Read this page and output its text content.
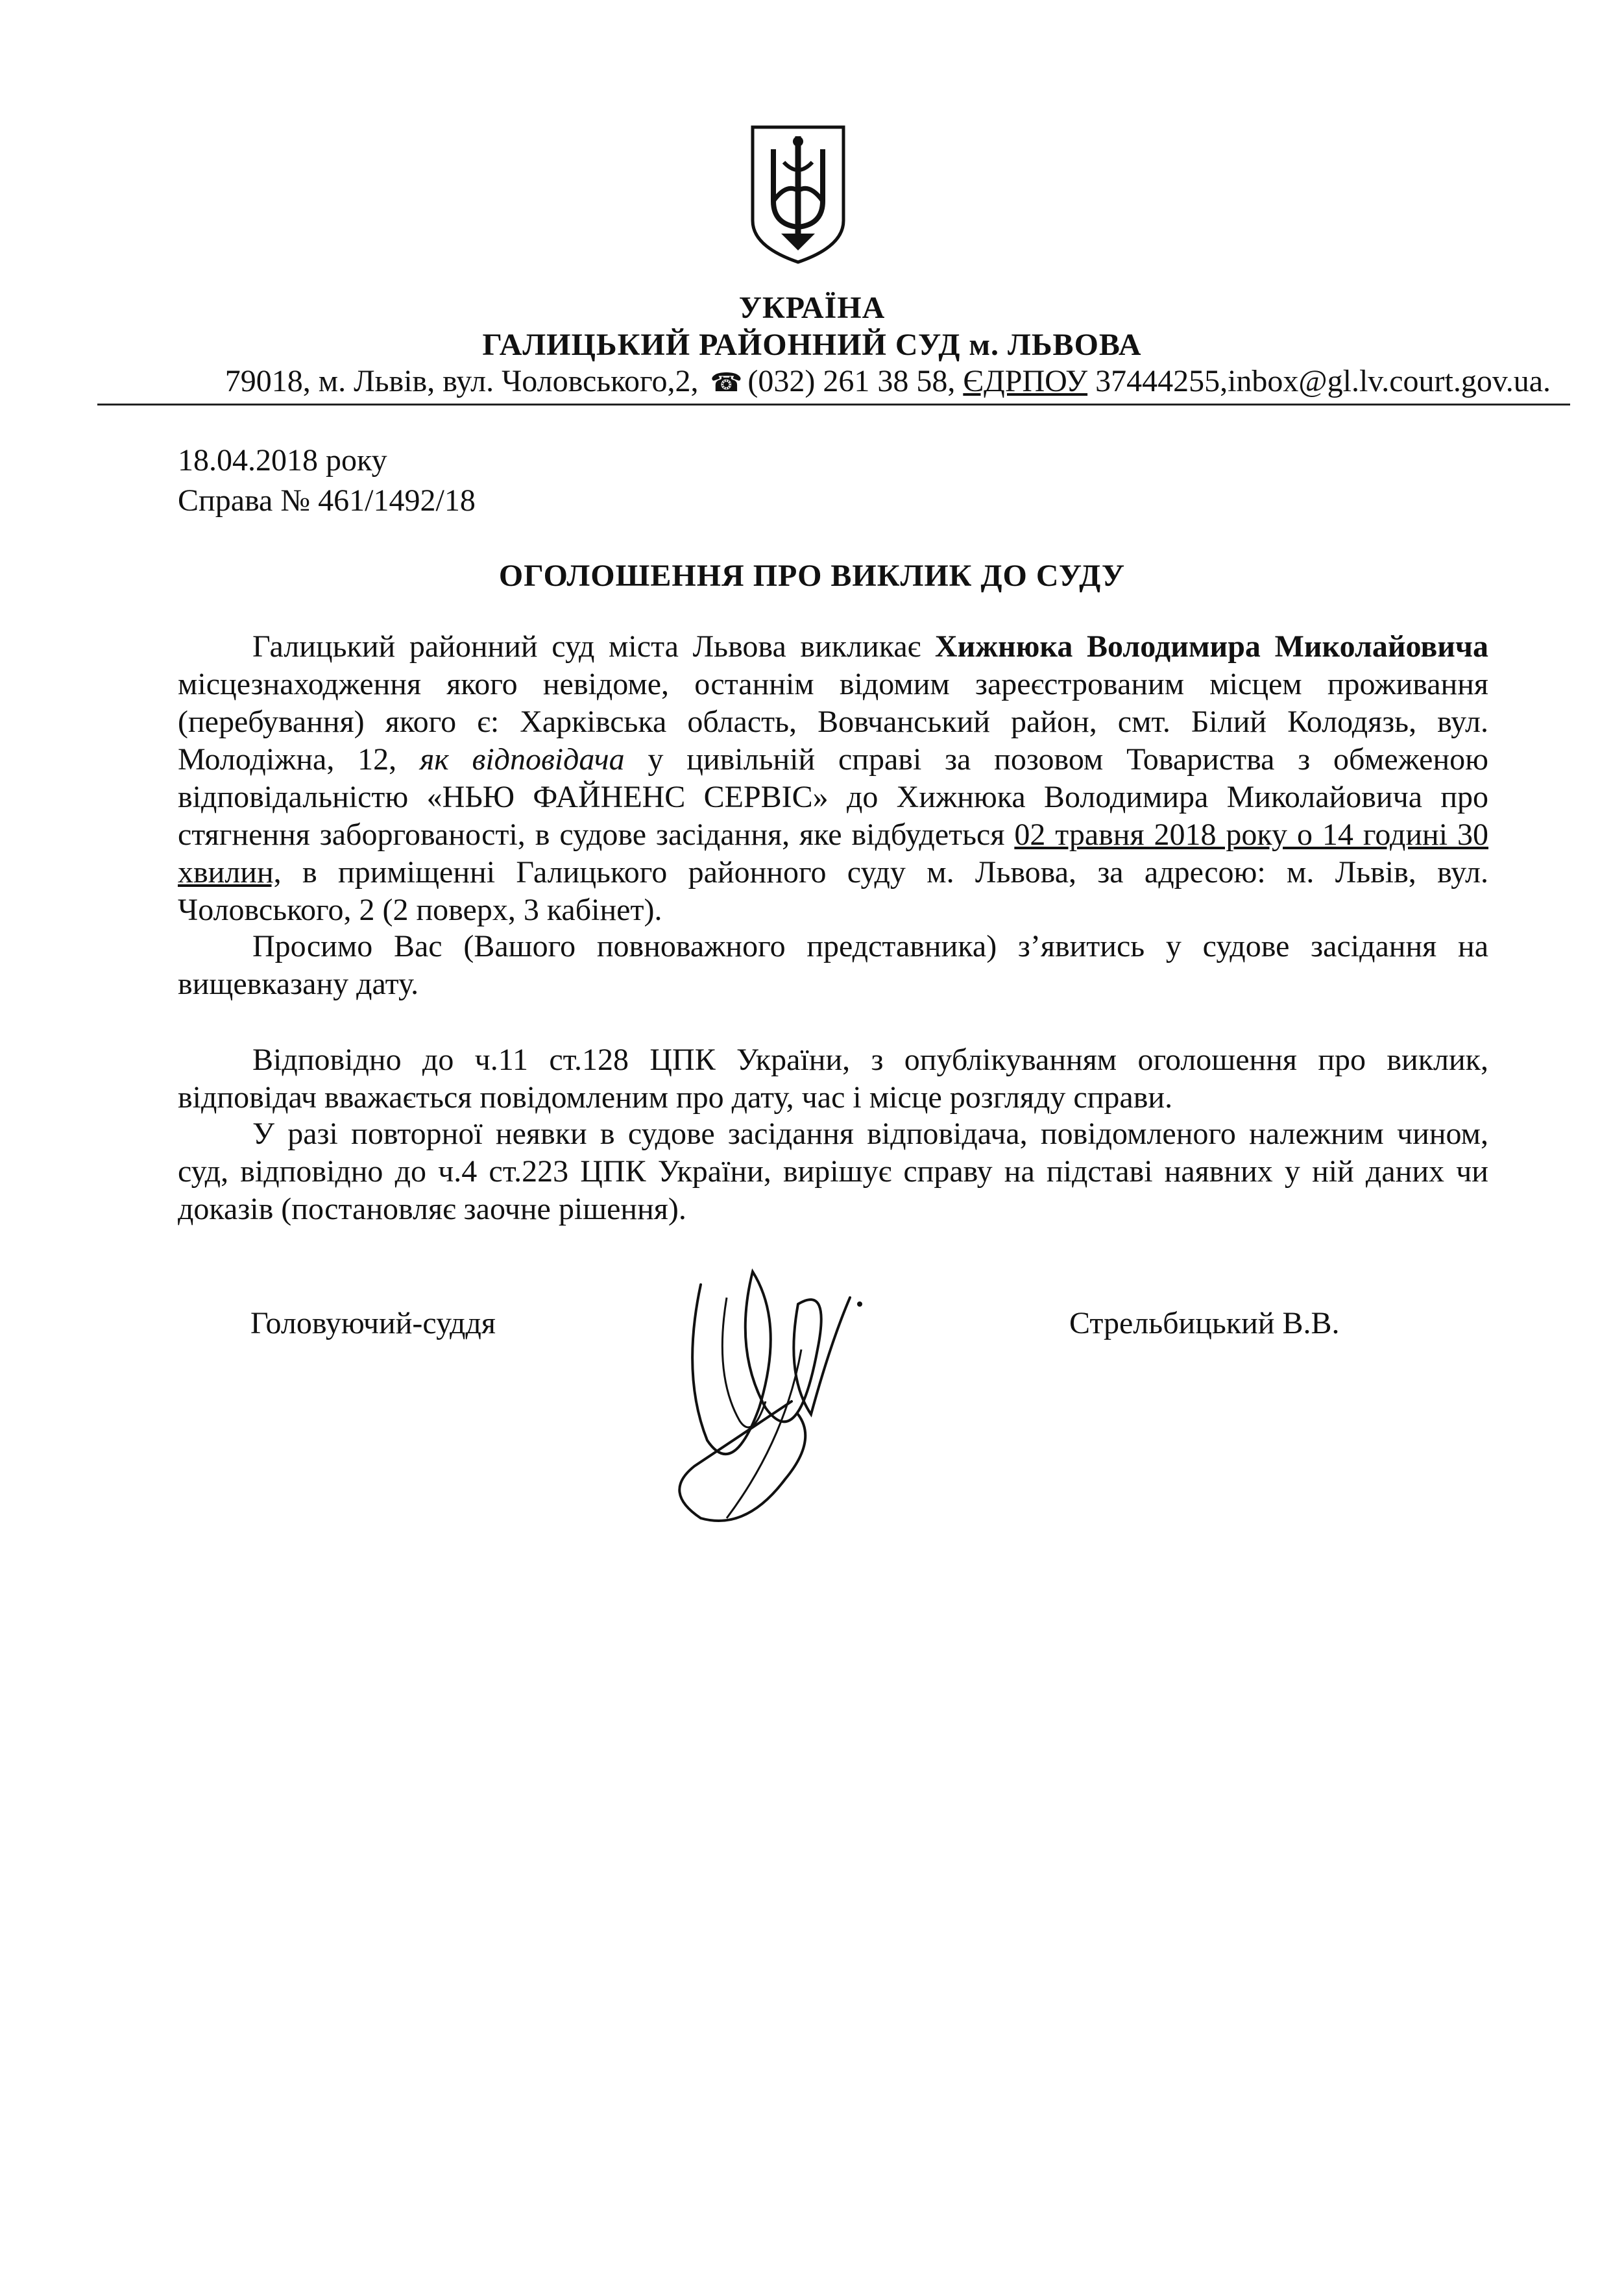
УКРАЇНА
ГАЛИЦЬКИЙ РАЙОННИЙ СУД м. ЛЬВОВА
79018, м. Львів, вул. Чоловського,2, ☎ (032) 261 38 58, ЄДРПОУ 37444255,inbox@gl.lv.court.gov.ua.
18.04.2018 року
Справа № 461/1492/18
ОГОЛОШЕННЯ ПРО ВИКЛИК ДО СУДУ
Галицький районний суд міста Львова викликає Хижнюка Володимира Миколайовича місцезнаходження якого невідоме, останнім відомим зареєстрованим місцем проживання (перебування) якого є: Харківська область, Вовчанський район, смт. Білий Колодязь, вул. Молодіжна, 12, як відповідача у цивільній справі за позовом Товариства з обмеженою відповідальністю «НЬЮ ФАЙНЕНС СЕРВІС» до Хижнюка Володимира Миколайовича про стягнення заборгованості, в судове засідання, яке відбудеться 02 травня 2018 року о 14 годині 30 хвилин, в приміщенні Галицького районного суду м. Львова, за адресою: м. Львів, вул. Чоловського, 2 (2 поверх, 3 кабінет).
Просимо Вас (Вашого повноважного представника) з’явитись у судове засідання на вищевказану дату.
Відповідно до ч.11 ст.128 ЦПК України, з опублікуванням оголошення про виклик, відповідач вважається повідомленим про дату, час і місце розгляду справи.
У разі повторної неявки в судове засідання відповідача, повідомленого належним чином, суд, відповідно до ч.4 ст.223 ЦПК України, вирішує справу на підставі наявних у ній даних чи доказів (постановляє заочне рішення).
Головуючий-суддя	Стрельбицький В.В.
